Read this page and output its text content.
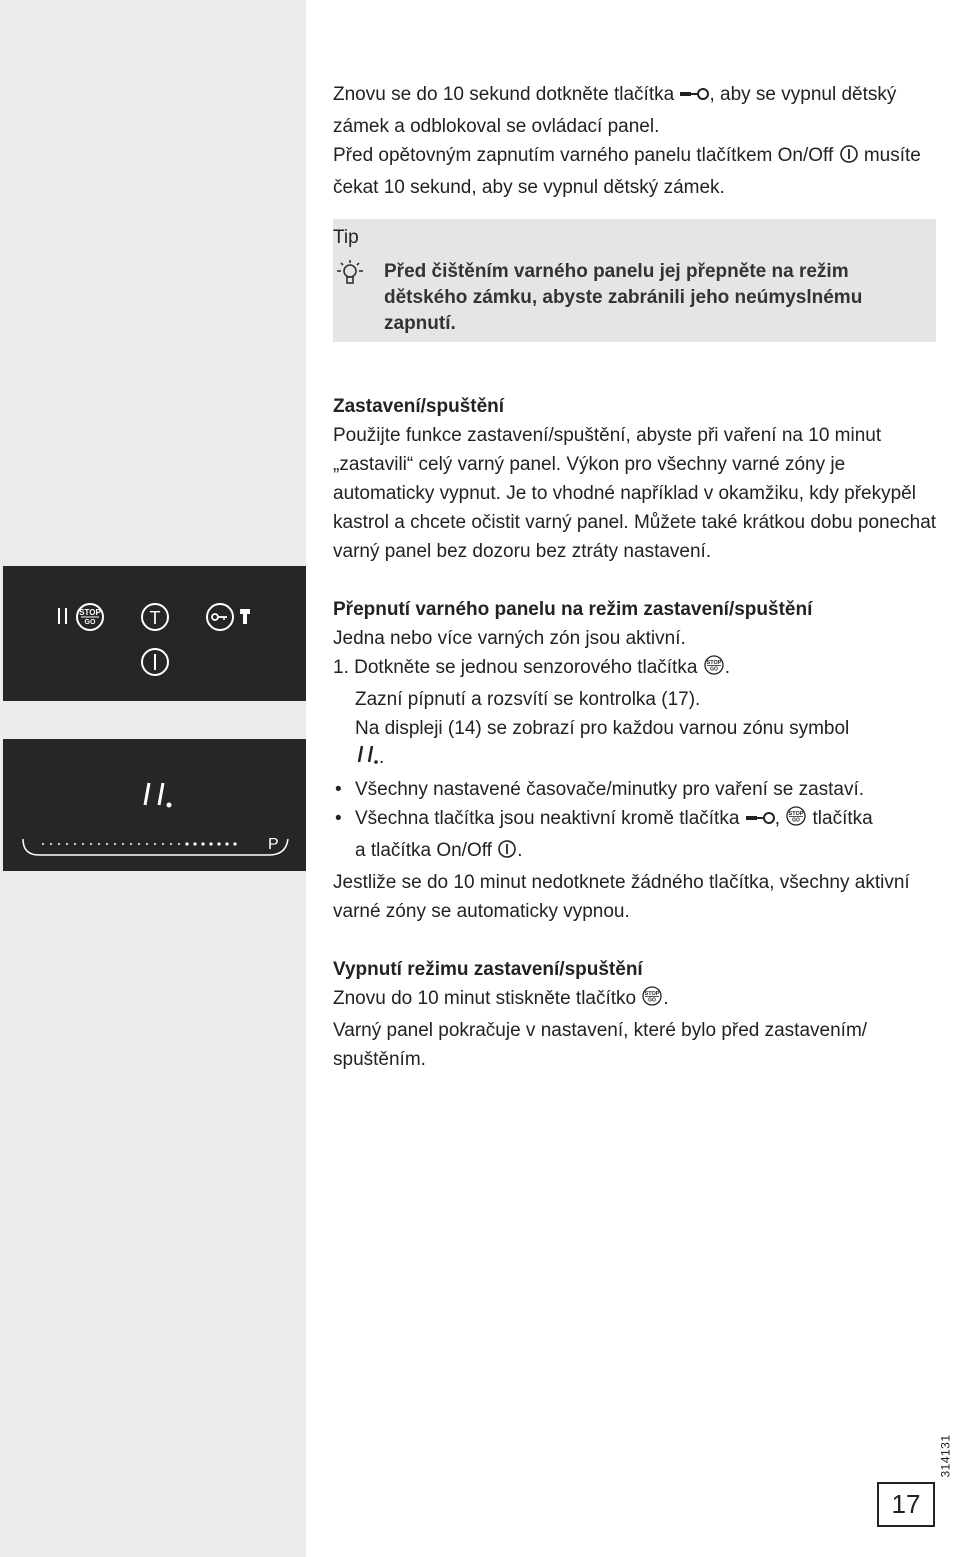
STOP
GO	T
P
Tip
Před čištěním varného panelu jej přepněte na režim dětského zámku, abyste zabránili jeho neúmyslnému zapnutí.

Znovu se do 10 sekund dotkněte tlačítka , aby se vypnul dětský zámek a odblokoval se ovládací panel.
Před opětovným zapnutím varného panelu tlačítkem On/Off  musíte čekat 10 sekund, aby se vypnul dětský zámek.

Zastavení/spuštění

Použijte funkce zastavení/spuštění, abyste při vaření na 10 minut „zastavili“ celý varný panel. Výkon pro všechny varné zóny je automaticky vypnut. Je to vhodné například v okamžiku, kdy překypěl kastrol a chcete očistit varný panel. Můžete také krátkou dobu ponechat varný panel bez dozoru bez ztráty nastavení.

Přepnutí varného panelu na režim zastavení/spuštění

Jedna nebo více varných zón jsou aktivní.

1. Dotkněte se jednou senzorového tlačítka STOP
GO .

Zazní pípnutí a rozsvítí se kontrolka (17).

Na displeji (14) se zobrazí pro každou varnou zónu symbol

.

• Všechny nastavené časovače/minutky pro vaření se zastaví.
• Všechna tlačítka jsou neaktivní kromě tlačítka , STOP
GO tlačítka
a tlačítka On/Off .

Jestliže se do 10 minut nedotknete žádného tlačítka, všechny aktivní varné zóny se automaticky vypnou.

Vypnutí režimu zastavení/spuštění

Znovu do 10 minut stiskněte tlačítko STOP
GO .

Varný panel pokračuje v nastavení, které bylo před zastavením/ spuštěním.

314131
17
